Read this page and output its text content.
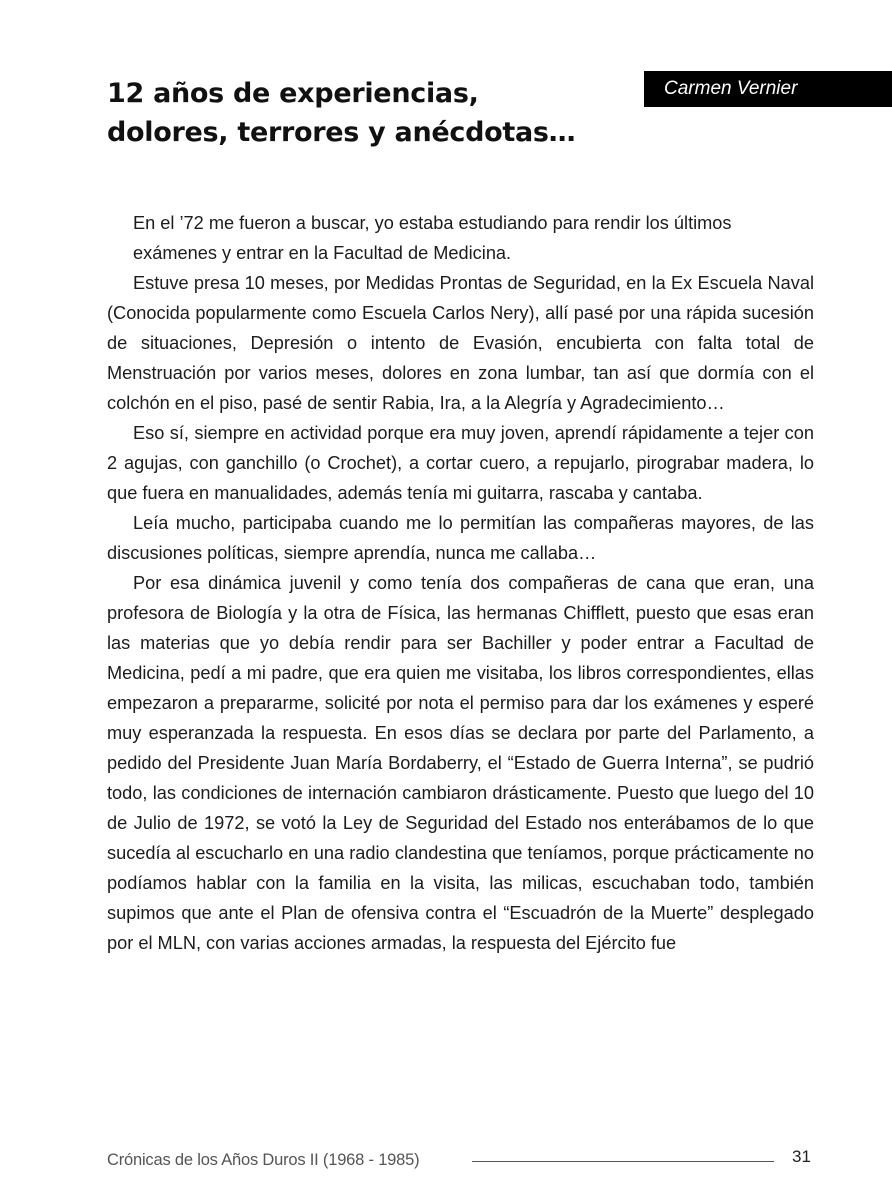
12 años de experiencias,
dolores, terrores y anécdotas…
Carmen Vernier

En el ’72 me fueron a buscar, yo estaba estudiando para rendir los últimos exámenes y entrar en la Facultad de Medicina.

Estuve presa 10 meses, por Medidas Prontas de Seguridad, en la Ex Escuela Naval (Conocida popularmente como Escuela Carlos Nery), allí pasé por una rápida sucesión de situaciones, Depresión o intento de Evasión, encubierta con falta total de Menstruación por varios meses, dolores en zona lumbar, tan así que dormía con el colchón en el piso, pasé de sentir Rabia, Ira, a la Alegría y Agradecimiento…

Eso sí, siempre en actividad porque era muy joven, aprendí rápidamente a tejer con 2 agujas, con ganchillo (o Crochet), a cortar cuero, a repujarlo, pirograbar madera, lo que fuera en manualidades, además tenía mi guitarra, rascaba y cantaba.

Leía mucho, participaba cuando me lo permitían las compañeras mayores, de las discusiones políticas, siempre aprendía, nunca me callaba…

Por esa dinámica juvenil y como tenía dos compañeras de cana que eran, una profesora de Biología y la otra de Física, las hermanas Chifflett, puesto que esas eran las materias que yo debía rendir para ser Bachiller y poder entrar a Facultad de Medicina, pedí a mi padre, que era quien me visitaba, los libros correspondientes, ellas empezaron a prepararme, solicité por nota el permiso para dar los exámenes y esperé muy esperanzada la respuesta. En esos días se declara por parte del Parlamento, a pedido del Presidente Juan María Bordaberry, el “Estado de Guerra Interna”, se pudrió todo, las condiciones de internación cambiaron drásticamente. Puesto que luego del 10 de Julio de 1972, se votó la Ley de Seguridad del Estado nos enterábamos de lo que sucedía al escucharlo en una radio clandestina que teníamos, porque prácticamente no podíamos hablar con la familia en la visita, las milicas, escuchaban todo, también supimos que ante el Plan de ofensiva contra el “Escuadrón de la Muerte” desplegado por el MLN, con varias acciones armadas, la respuesta del Ejército fue

Crónicas de los Años Duros II (1968 - 1985)	31
